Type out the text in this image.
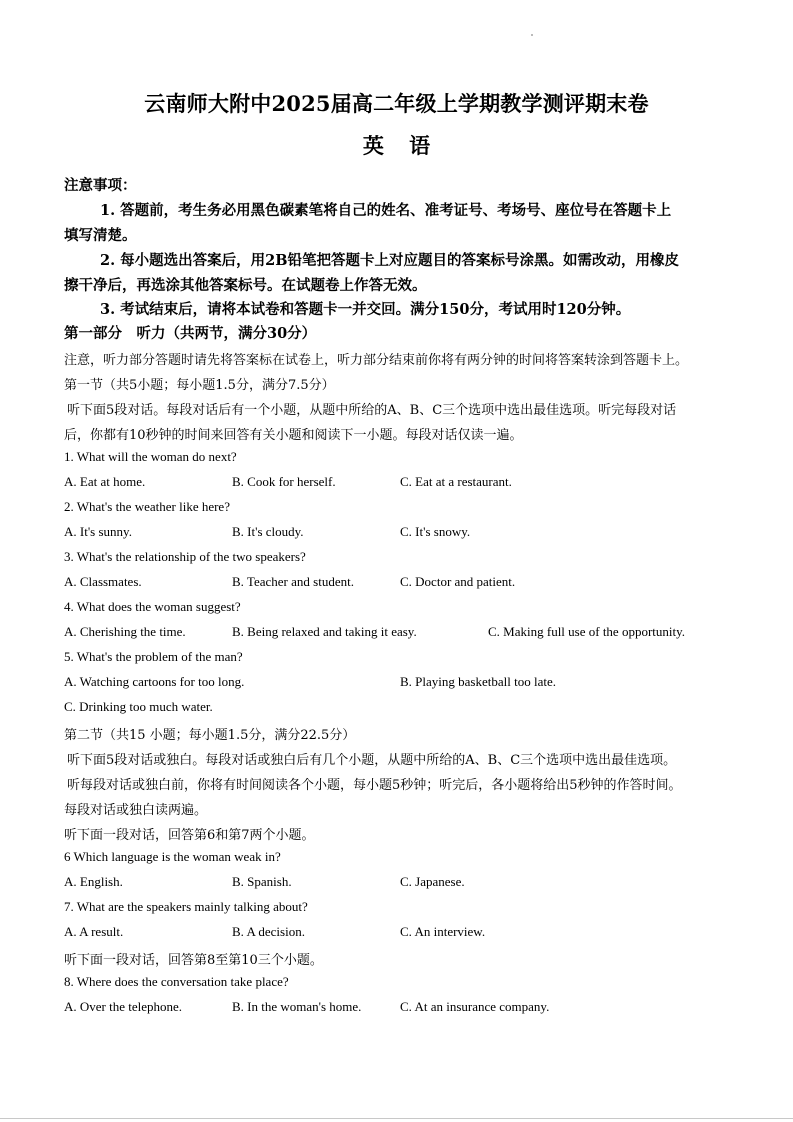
云南师大附中2025届高二年级上学期教学测评期末卷
英 语
注意事项：
1. 答题前，考生务必用黑色碳素笔将自己的姓名、准考证号、考场号、座位号在答题卡上
填写清楚。
2. 每小题选出答案后，用2B铅笔把答题卡上对应题目的答案标号涂黑。如需改动，用橡皮
擦干净后，再选涂其他答案标号。在试题卷上作答无效。
3. 考试结束后，请将本试卷和答题卡一并交回。满分150分，考试用时120分钟。
第一部分　听力（共两节，满分30分）
注意，听力部分答题时请先将答案标在试卷上，听力部分结束前你将有两分钟的时间将答案转涂到答题卡上。
第一节（共5小题；每小题1.5分，满分7.5分）
听下面5段对话。每段对话后有一个小题，从题中所给的A、B、C三个选项中选出最佳选项。听完每段对话
后，你都有10秒钟的时间来回答有关小题和阅读下一小题。每段对话仅读一遍。
1. What will the woman do next?
A. Eat at home.	B. Cook for herself.	C. Eat at a restaurant.
2. What's the weather like here?
A. It's sunny.	B. It's cloudy.	C. It's snowy.
3. What's the relationship of the two speakers?
A. Classmates.	B. Teacher and student.	C. Doctor and patient.
4. What does the woman suggest?
A. Cherishing the time.	B. Being relaxed and taking it easy.	C. Making full use of the opportunity.
5. What's the problem of the man?
A. Watching cartoons for too long.	B. Playing basketball too late.
C. Drinking too much water.
第二节（共15 小题；每小题1.5分，满分22.5分）
听下面5段对话或独白。每段对话或独白后有几个小题，从题中所给的A、B、C三个选项中选出最佳选项。
听每段对话或独白前，你将有时间阅读各个小题，每小题5秒钟；听完后，各小题将给出5秒钟的作答时间。
每段对话或独白读两遍。
听下面一段对话，回答第6和第7两个小题。
6 Which language is the woman weak in?
A. English.	B. Spanish.	C. Japanese.
7. What are the speakers mainly talking about?
A. A result.	B. A decision.	C. An interview.
听下面一段对话，回答第8至第10三个小题。
8. Where does the conversation take place?
A. Over the telephone.	B. In the woman's home.	C. At an insurance company.
